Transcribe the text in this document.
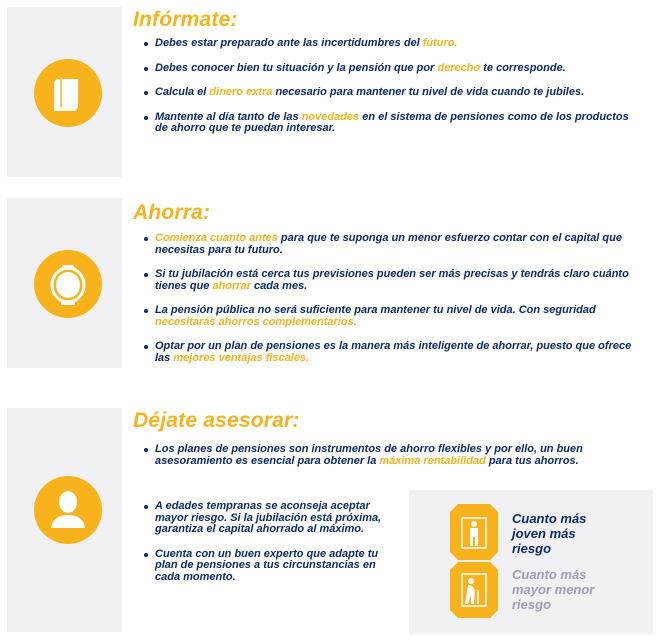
Infórmate:
Debes estar preparado ante las incertidumbres del futuro.
Debes conocer bien tu situación y la pensión que por derecho te corresponde.
Calcula el dinero extra necesario para mantener tu nivel de vida cuando te jubiles.
Mantente al día tanto de las novedades en el sistema de pensiones como de los productos de ahorro que te puedan interesar.
Ahorra:
Comienza cuanto antes para que te suponga un menor esfuerzo contar con el capital que necesitas para tu futuro.
Si tu jubilación está cerca tus previsiones pueden ser más precisas y tendrás claro cuánto tienes que ahorrar cada mes.
La pensión pública no será suficiente para mantener tu nivel de vida. Con seguridad necesitarás ahorros complementarios.
Optar por un plan de pensiones es la manera más inteligente de ahorrar, puesto que ofrece las mejores ventajas fiscales.
Déjate asesorar:
Los planes de pensiones son instrumentos de ahorro flexibles y por ello, un buen asesoramiento es esencial para obtener la máxima rentabilidad para tus ahorros.
A edades tempranas se aconseja aceptar mayor riesgo. Si la jubilación está próxima, garantiza el capital ahorrado al máximo.
Cuenta con un buen experto que adapte tu plan de pensiones a tus circunstancias en cada momento.
Cuanto más joven más riesgo
Cuanto más mayor menor riesgo
